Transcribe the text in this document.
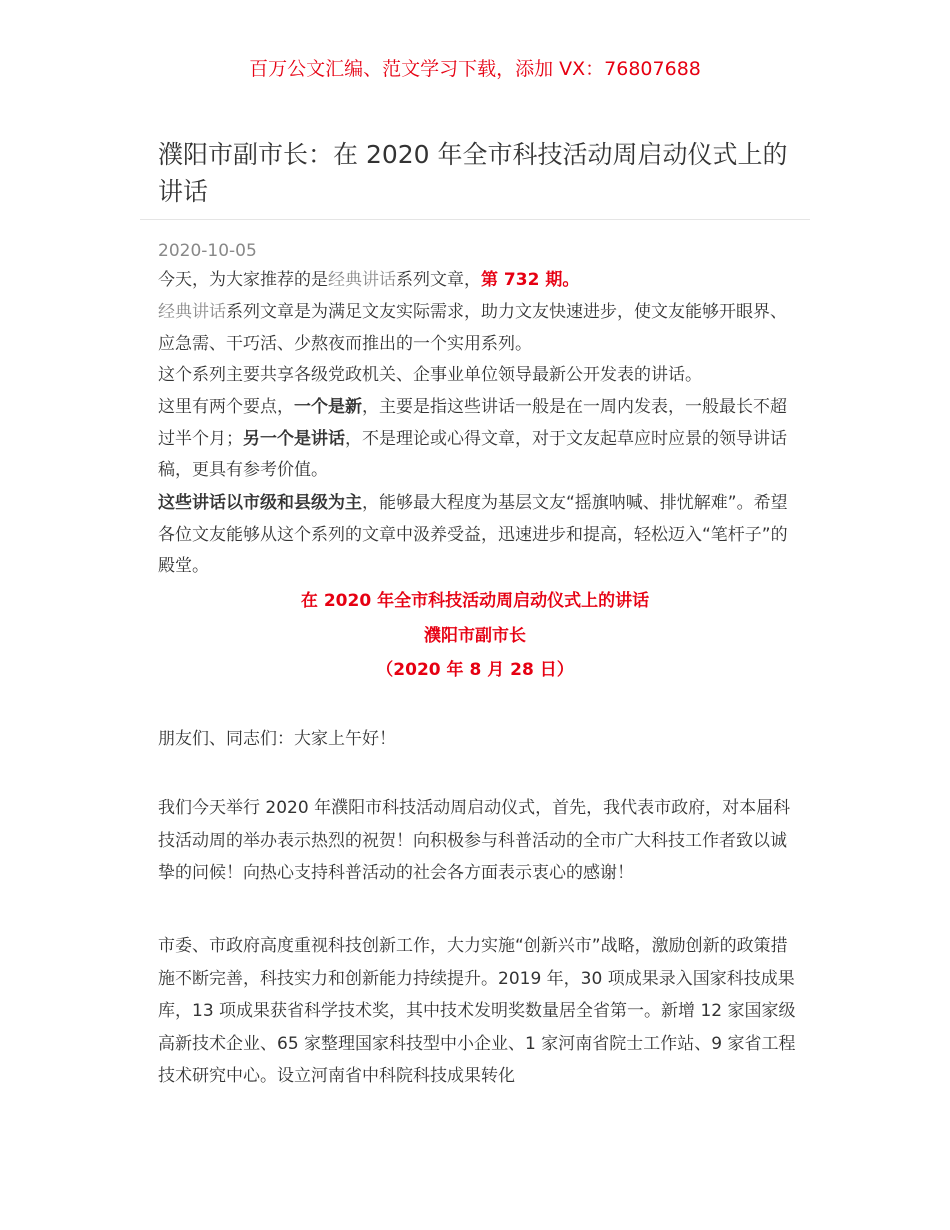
百万公文汇编、范文学习下载，添加 VX：76807688
濮阳市副市长：在 2020 年全市科技活动周启动仪式上的讲话
2020-10-05

今天，为大家推荐的是经典讲话系列文章，第 732 期。

经典讲话系列文章是为满足文友实际需求，助力文友快速进步，使文友能够开眼界、应急需、干巧活、少熬夜而推出的一个实用系列。

这个系列主要共享各级党政机关、企事业单位领导最新公开发表的讲话。

这里有两个要点，一个是新，主要是指这些讲话一般是在一周内发表，一般最长不超过半个月；另一个是讲话，不是理论或心得文章，对于文友起草应时应景的领导讲话稿，更具有参考价值。

这些讲话以市级和县级为主，能够最大程度为基层文友“摇旗呐喊、排忧解难”。希望各位文友能够从这个系列的文章中汲养受益，迅速进步和提高，轻松迈入“笔杆子”的殿堂。

在 2020 年全市科技活动周启动仪式上的讲话

濮阳市副市长

（2020 年 8 月 28 日）

朋友们、同志们：大家上午好！

我们今天举行 2020 年濮阳市科技活动周启动仪式，首先，我代表市政府，对本届科技活动周的举办表示热烈的祝贺！向积极参与科普活动的全市广大科技工作者致以诚挚的问候！向热心支持科普活动的社会各方面表示衷心的感谢！

市委、市政府高度重视科技创新工作，大力实施“创新兴市”战略，激励创新的政策措施不断完善，科技实力和创新能力持续提升。2019 年，30 项成果录入国家科技成果库，13 项成果获省科学技术奖，其中技术发明奖数量居全省第一。新增 12 家国家级高新技术企业、65 家整理国家科技型中小企业、1 家河南省院士工作站、9 家省工程技术研究中心。设立河南省中科院科技成果转化
